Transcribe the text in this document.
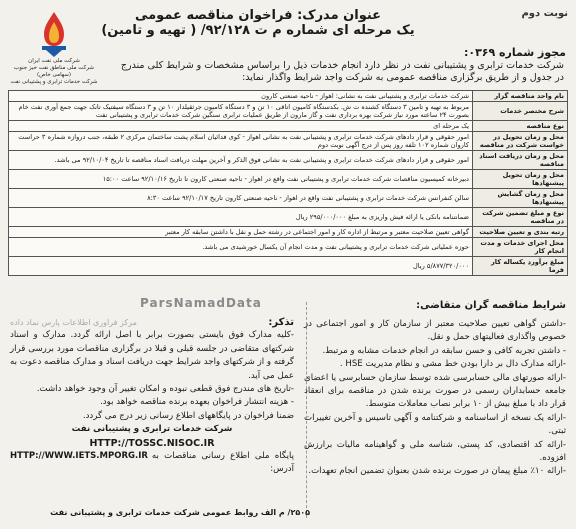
شرکت ملی نفت ایران
شرکت ملی مناطق نفت خیز جنوب (سهامی خاص)
شرکت خدمات ترابری و پشتیبانی نفت
نوبت دوم
عنوان مدرک: فراخوان مناقصه عمومی
یک مرحله ای شماره م ت ۹۲/۱۲۸/ ( تهیه و تامین)
مجوز شماره ۰۳۶۹:
شرکت خدمات ترابری و پشتیبانی نفت در نظر دارد انجام خدمات ذیل را براساس مشخصات و شرایط کلی مندرج در جدول و از طریق برگزاری مناقصه عمومی به شرکت واجد شرایط واگذار نماید:
نام واحد مناقصه گزار	شرکت خدمات ترابری و پشتیبانی نفت به نشانی: اهواز - ناحیه صنعتی کارون
شرح مختصر خدمات	مربوط به تهیه و تامین ۳ دستگاه کشنده ت ش. بکدستگاه کامیون اتاقی ۱۰ تن و ۳ دستگاه کامیون جرثقیلدار ۱۰ تن و ۳ دستگاه سیفتیک تانک جهت جمع آوری نفت خام بصورت ۲۴ ساعته مورد نیاز شرکت بهره برداری نفت و گاز مارون از طریق عملیات ترابری سنگین شرکت خدمات ترابری و پشتیبانی نفت
نوع مناقصه	یک مرحله ای
محل و زمان تحویل در خواست شرکت در مناقصه	امور حقوقی و قرار دادهای شرکت خدمات ترابری و پشتیبانی نفت به نشانی اهواز - کوی فدائیان اسلام پشت ساختمان مرکزی ۲ طبقه، جنب دروازه شماره ۳ حراست کاروان شماره ۱۰۲ تلفه روز پس از درج آگهی نوبت دوم
محل و زمان دریافت اسناد مناقصه	امور حقوقی و قرار دادهای شرکت خدمات ترابری و پشتیبانی نفت به نشانی فوق الذکر و آخرین مهلت دریافت اسناد مناقصه تا تاریخ ۹۲/۱۰/۰۴ می باشد.
محل و زمان تحویل پیشنهادها	دبیرخانه کمیسیون مناقصات شرکت خدمات ترابری و پشتیبانی نفت واقع در اهواز - ناحیه صنعتی کارون تا تاریخ ۹۲/۱۰/۱۶ ساعت ۱۵:۰۰
محل و زمان گشایش پیشنهادها	سالن کنفرانس شرکت خدمات ترابری و پشتیبانی نفت واقع در اهواز - ناحیه صنعتی کارون تاریخ ۹۲/۱۰/۱۷ ساعت ۸:۳۰
نوع و مبلغ تضمین شرکت در مناقصه	ضمانتنامه بانکی یا ارائه فیش واریزی به مبلغ ۲۹۵/۰۰۰/۰۰۰ ریال
رتبه بندی و تعیین صلاحیت	گواهی تعیین صلاحیت معتبر و مرتبط از اداره کار و امور اجتماعی در رشته حمل و نقل با داشتن سابقه کار معتبر
محل اجرای خدمات و مدت انجام کار	حوزه عملیاتی شرکت خدمات ترابری و پشتیبانی نفت و مدت انجام آن یکسال خورشیدی می باشد.
مبلغ برآورد یکساله کار فرما	۵/۸۷۷/۳۲۰/۰۰۰ ریال
ParsNamadData	شرایط مناقصه گران متقاضی:
-داشتن گواهی تعیین صلاحیت معتبر از سازمان کار و امور اجتماعی در خصوص واگذاری فعالیتهای حمل و نقل.
- داشتن تجربه کافی و حسن سابقه در انجام خدمات مشابه و مرتبط.
-ارائه مدارک دال بر دارا بودن خط مشی و نظام مدیریت HSE .
-ارائه صورتهای مالی حسابرسی شده توسط سازمان حسابرسی یا اعضای جامعه حسابداران رسمی در صورت برنده شدن در مناقصه برای انعقاد قرار داد با مبلغ بیش از ۱۰ برابر نصاب معاملات متوسط.
-ارائه یک نسخه از اساسنامه و شرکتنامه و آگهی تاسیس و آخرین تغییرات ثبتی.
-ارائه کد اقتصادی، کد پستی، شناسه ملی و گواهینامه مالیات برارزش افزوده.
-ارائه ۱۰٪ مبلغ پیمان در صورت برنده شدن بعنوان تضمین انجام تعهدات.
تذکر:
مرکز فراوری اطلاعات پارس نماد داده
-کلیه مدارک فوق بایستی بصورت برابر با اصل ارائه گردد. مدارک و اسناد شرکتهای متقاضی در جلسه قبلی و قبلا در برگزاری مناقصات مورد بررسی قرار گرفته و از شرکتهای واجد شرایط جهت دریافت اسناد و مدارک مناقصه دعوت به عمل می آید.
-تاریخ های مندرج فوق قطعی نبوده و امکان تغییر آن وجود خواهد داشت.
- هزینه انتشار فراخوان بعهده برنده مناقصه خواهد بود.
ضمنا فراخوان در پایگاههای اطلاع رسانی زیر درج می گردد.
شرکت خدمات ترابری و پشتیبانی نفت
HTTP://TOSSC.NISOC.IR
پایگاه ملی اطلاع رسانی مناقصات به آدرس:
HTTP://WWW.IETS.MPORG.IR
۲۵۰۵/ م الف روابط عمومی شرکت خدمات ترابری و پشتیبانی نفت
